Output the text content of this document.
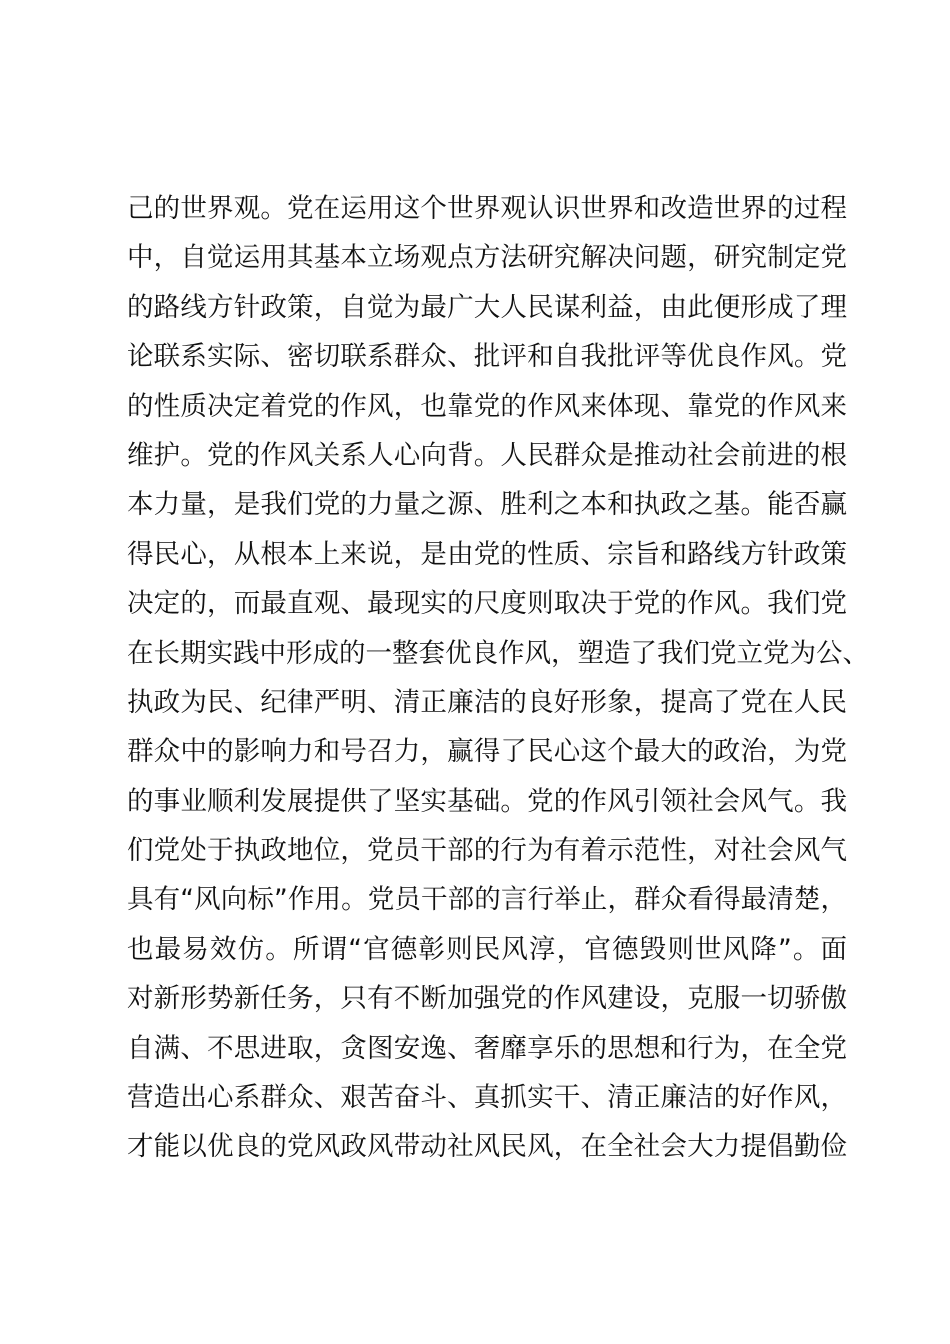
己的世界观。党在运用这个世界观认识世界和改造世界的过程
中，自觉运用其基本立场观点方法研究解决问题，研究制定党
的路线方针政策，自觉为最广大人民谋利益，由此便形成了理
论联系实际、密切联系群众、批评和自我批评等优良作风。党
的性质决定着党的作风，也靠党的作风来体现、靠党的作风来
维护。党的作风关系人心向背。人民群众是推动社会前进的根
本力量，是我们党的力量之源、胜利之本和执政之基。能否赢
得民心，从根本上来说，是由党的性质、宗旨和路线方针政策
决定的，而最直观、最现实的尺度则取决于党的作风。我们党
在长期实践中形成的一整套优良作风，塑造了我们党立党为公、
执政为民、纪律严明、清正廉洁的良好形象，提高了党在人民
群众中的影响力和号召力，赢得了民心这个最大的政治，为党
的事业顺利发展提供了坚实基础。党的作风引领社会风气。我
们党处于执政地位，党员干部的行为有着示范性，对社会风气
具有“风向标”作用。党员干部的言行举止，群众看得最清楚，
也最易效仿。所谓“官德彰则民风淳，官德毁则世风降”。面
对新形势新任务，只有不断加强党的作风建设，克服一切骄傲
自满、不思进取，贪图安逸、奢靡享乐的思想和行为，在全党
营造出心系群众、艰苦奋斗、真抓实干、清正廉洁的好作风，
才能以优良的党风政风带动社风民风，在全社会大力提倡勤俭
